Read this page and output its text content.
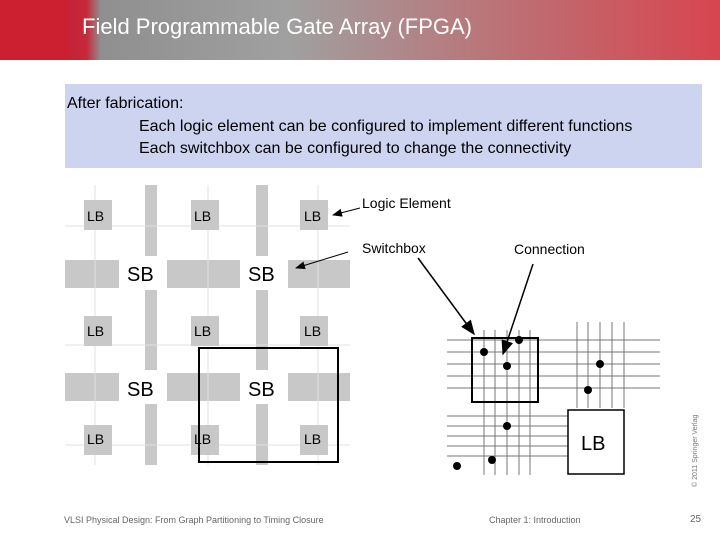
Field Programmable Gate Array (FPGA)
After fabrication:
Each logic element can be configured to implement different functions
Each switchbox can be configured to change the connectivity
LB	LB	LB
LB	LB	LB
LB	LB	LB
SB	SB
SB	SB
LB
Logic Element
Switchbox	Connection
VLSI Physical Design: From Graph Partitioning to Timing Closure	Chapter 1: Introduction	25
© 2011 Springer Verlag
